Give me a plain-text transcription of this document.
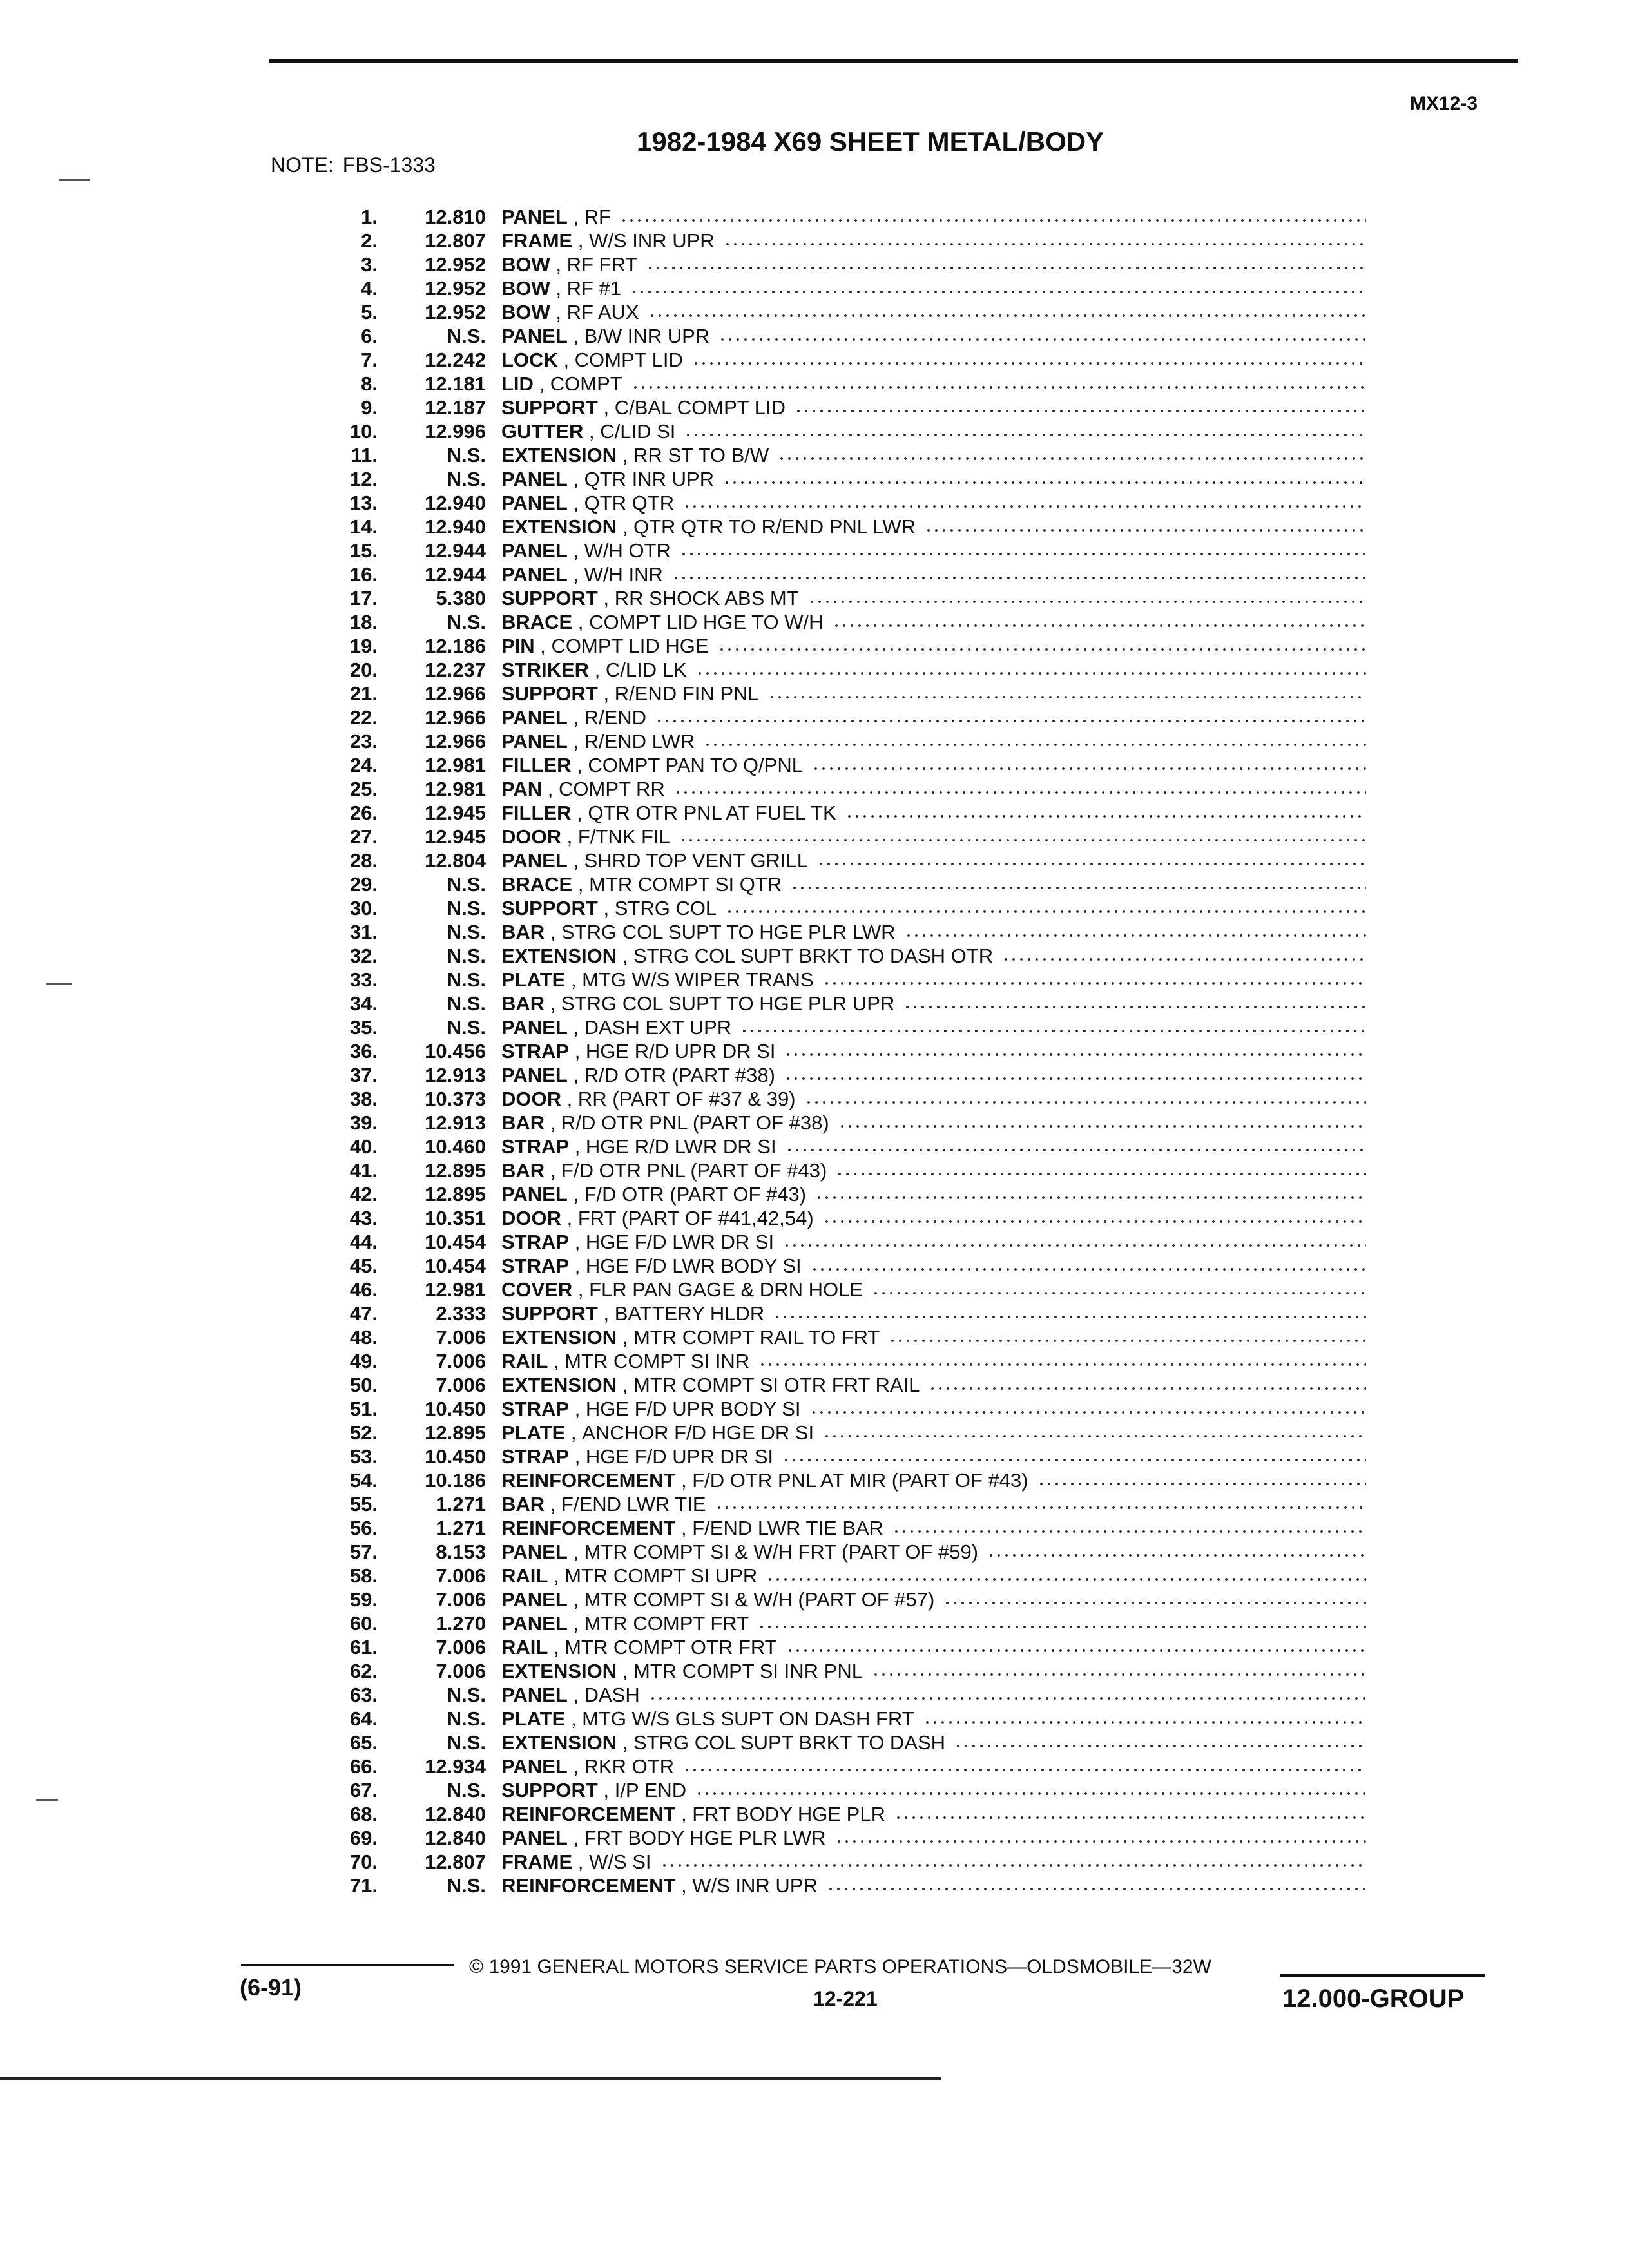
MX12-3
1982-1984 X69 SHEET METAL/BODY
NOTE: FBS-1333
1.	12.810 PANEL , RF
2.	12.807 FRAME , W/S INR UPR
3.	12.952 BOW , RF FRT
4.	12.952 BOW , RF #1
5.	12.952 BOW , RF AUX
6.	N.S. PANEL , B/W INR UPR
7.	12.242 LOCK , COMPT LID
8.	12.181 LID , COMPT
9.	12.187 SUPPORT , C/BAL COMPT LID
10.	12.996 GUTTER , C/LID SI
11.	N.S. EXTENSION , RR ST TO B/W
12.	N.S. PANEL , QTR INR UPR
13.	12.940 PANEL , QTR QTR
14.	12.940 EXTENSION , QTR QTR TO R/END PNL LWR
15.	12.944 PANEL , W/H OTR
16.	12.944 PANEL , W/H INR
17.	5.380 SUPPORT , RR SHOCK ABS MT
18.	N.S. BRACE , COMPT LID HGE TO W/H
19.	12.186 PIN , COMPT LID HGE
20.	12.237 STRIKER , C/LID LK
21.	12.966 SUPPORT , R/END FIN PNL
22.	12.966 PANEL , R/END
23.	12.966 PANEL , R/END LWR
24.	12.981 FILLER , COMPT PAN TO Q/PNL
25.	12.981 PAN , COMPT RR
26.	12.945 FILLER , QTR OTR PNL AT FUEL TK
27.	12.945 DOOR , F/TNK FIL
28.	12.804 PANEL , SHRD TOP VENT GRILL
29.	N.S. BRACE , MTR COMPT SI QTR
30.	N.S. SUPPORT , STRG COL
31.	N.S. BAR , STRG COL SUPT TO HGE PLR LWR
32.	N.S. EXTENSION , STRG COL SUPT BRKT TO DASH OTR
33.	N.S. PLATE , MTG W/S WIPER TRANS
34.	N.S. BAR , STRG COL SUPT TO HGE PLR UPR
35.	N.S. PANEL , DASH EXT UPR
36.	10.456 STRAP , HGE R/D UPR DR SI
37.	12.913 PANEL , R/D OTR (PART #38)
38.	10.373 DOOR , RR (PART OF #37 & 39)
39.	12.913 BAR , R/D OTR PNL (PART OF #38)
40.	10.460 STRAP , HGE R/D LWR DR SI
41.	12.895 BAR , F/D OTR PNL (PART OF #43)
42.	12.895 PANEL , F/D OTR (PART OF #43)
43.	10.351 DOOR , FRT (PART OF #41,42,54)
44.	10.454 STRAP , HGE F/D LWR DR SI
45.	10.454 STRAP , HGE F/D LWR BODY SI
46.	12.981 COVER , FLR PAN GAGE & DRN HOLE
47.	2.333 SUPPORT , BATTERY HLDR
48.	7.006 EXTENSION , MTR COMPT RAIL TO FRT
49.	7.006 RAIL , MTR COMPT SI INR
50.	7.006 EXTENSION , MTR COMPT SI OTR FRT RAIL
51.	10.450 STRAP , HGE F/D UPR BODY SI
52.	12.895 PLATE , ANCHOR F/D HGE DR SI
53.	10.450 STRAP , HGE F/D UPR DR SI
54.	10.186 REINFORCEMENT , F/D OTR PNL AT MIR (PART OF #43)
55.	1.271 BAR , F/END LWR TIE
56.	1.271 REINFORCEMENT , F/END LWR TIE BAR
57.	8.153 PANEL , MTR COMPT SI & W/H FRT (PART OF #59)
58.	7.006 RAIL , MTR COMPT SI UPR
59.	7.006 PANEL , MTR COMPT SI & W/H (PART OF #57)
60.	1.270 PANEL , MTR COMPT FRT
61.	7.006 RAIL , MTR COMPT OTR FRT
62.	7.006 EXTENSION , MTR COMPT SI INR PNL
63.	N.S. PANEL , DASH
64.	N.S. PLATE , MTG W/S GLS SUPT ON DASH FRT
65.	N.S. EXTENSION , STRG COL SUPT BRKT TO DASH
66.	12.934 PANEL , RKR OTR
67.	N.S. SUPPORT , I/P END
68.	12.840 REINFORCEMENT , FRT BODY HGE PLR
69.	12.840 PANEL , FRT BODY HGE PLR LWR
70.	12.807 FRAME , W/S SI
71.	N.S. REINFORCEMENT , W/S INR UPR
(6-91)
© 1991 GENERAL MOTORS SERVICE PARTS OPERATIONS—OLDSMOBILE—32W
12-221	12.000-GROUP
